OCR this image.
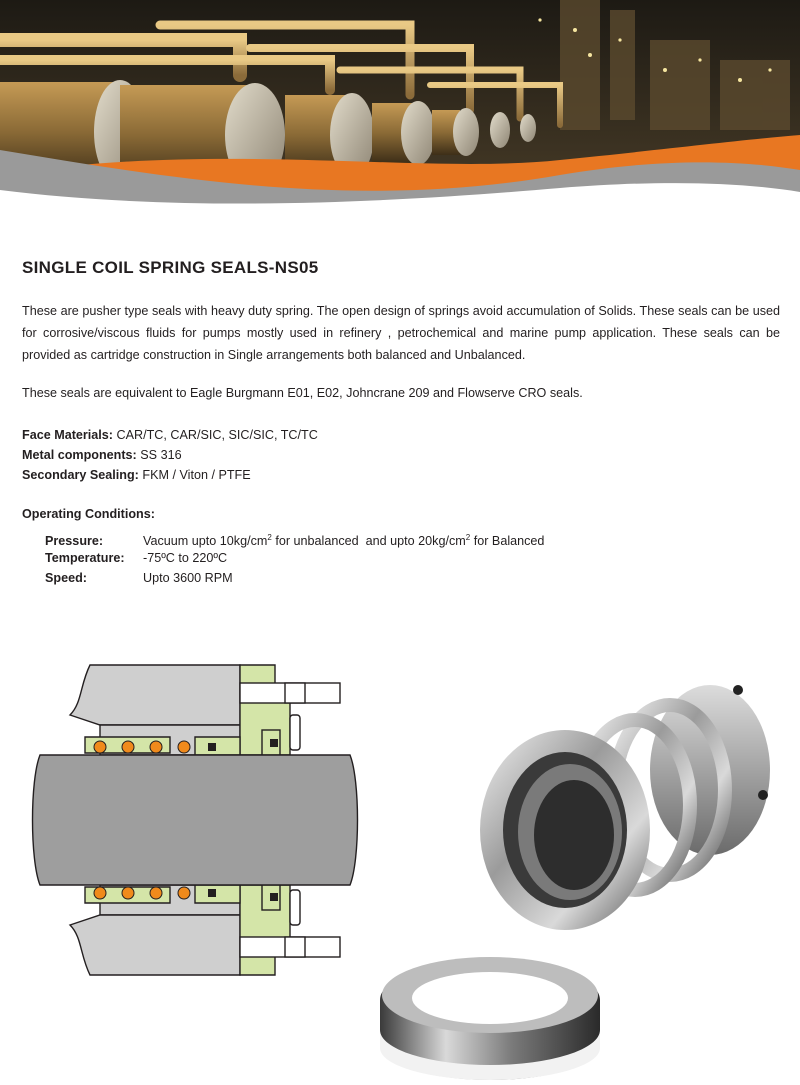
SINGLE COIL SPRING SEALS-NS05

These are pusher type seals with heavy duty spring. The open design of springs avoid accumulation of Solids. These seals can be used for corrosive/viscous fluids for pumps mostly used in refinery , petrochemical and marine pump application. These seals can be provided as cartridge construction in Single arrangements both balanced and Unbalanced.

These seals are equivalent to Eagle Burgmann E01, E02, Johncrane 209 and Flowserve CRO seals.

Face Materials: CAR/TC, CAR/SIC, SIC/SIC, TC/TC
Metal components: SS 316
Secondary Sealing: FKM / Viton / PTFE
Operating Conditions:
Pressure:	Vacuum upto $10kg/cm^2$ for unbalanced  and upto $20kg/cm^2$ for Balanced
Temperature: -75ºC to 220ºC
Speed:	Upto 3600 RPM
